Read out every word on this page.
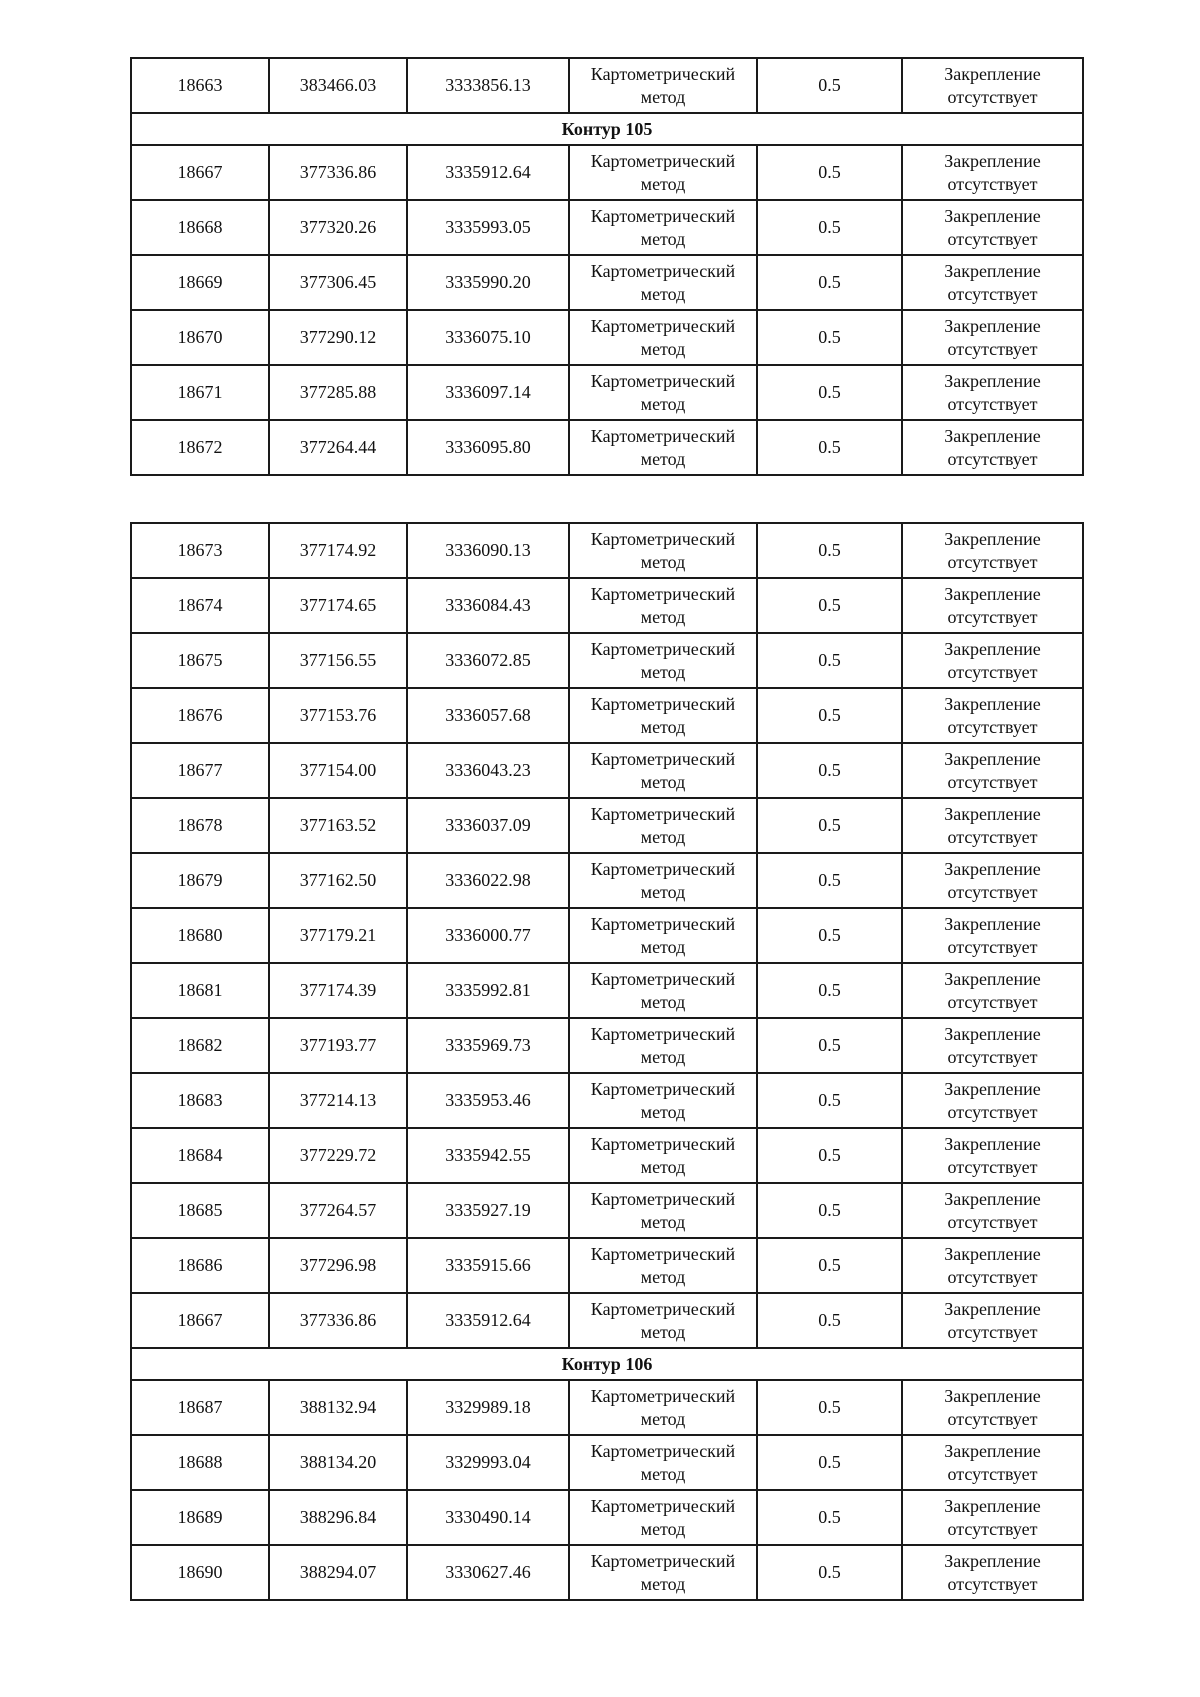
18663	383466.03	3333856.13	Картометрический метод	0.5	Закрепление отсутствует
Контур 105					
18667	377336.86	3335912.64	Картометрический метод	0.5	Закрепление отсутствует
18668	377320.26	3335993.05	Картометрический метод	0.5	Закрепление отсутствует
18669	377306.45	3335990.20	Картометрический метод	0.5	Закрепление отсутствует
18670	377290.12	3336075.10	Картометрический метод	0.5	Закрепление отсутствует
18671	377285.88	3336097.14	Картометрический метод	0.5	Закрепление отсутствует
18672	377264.44	3336095.80	Картометрический метод	0.5	Закрепление отсутствует
18673	377174.92	3336090.13	Картометрический метод	0.5	Закрепление отсутствует
18674	377174.65	3336084.43	Картометрический метод	0.5	Закрепление отсутствует
18675	377156.55	3336072.85	Картометрический метод	0.5	Закрепление отсутствует
18676	377153.76	3336057.68	Картометрический метод	0.5	Закрепление отсутствует
18677	377154.00	3336043.23	Картометрический метод	0.5	Закрепление отсутствует
18678	377163.52	3336037.09	Картометрический метод	0.5	Закрепление отсутствует
18679	377162.50	3336022.98	Картометрический метод	0.5	Закрепление отсутствует
18680	377179.21	3336000.77	Картометрический метод	0.5	Закрепление отсутствует
18681	377174.39	3335992.81	Картометрический метод	0.5	Закрепление отсутствует
18682	377193.77	3335969.73	Картометрический метод	0.5	Закрепление отсутствует
18683	377214.13	3335953.46	Картометрический метод	0.5	Закрепление отсутствует
18684	377229.72	3335942.55	Картометрический метод	0.5	Закрепление отсутствует
18685	377264.57	3335927.19	Картометрический метод	0.5	Закрепление отсутствует
18686	377296.98	3335915.66	Картометрический метод	0.5	Закрепление отсутствует
18667	377336.86	3335912.64	Картометрический метод	0.5	Закрепление отсутствует
Контур 106					
18687	388132.94	3329989.18	Картометрический метод	0.5	Закрепление отсутствует
18688	388134.20	3329993.04	Картометрический метод	0.5	Закрепление отсутствует
18689	388296.84	3330490.14	Картометрический метод	0.5	Закрепление отсутствует
18690	388294.07	3330627.46	Картометрический метод	0.5	Закрепление отсутствует
